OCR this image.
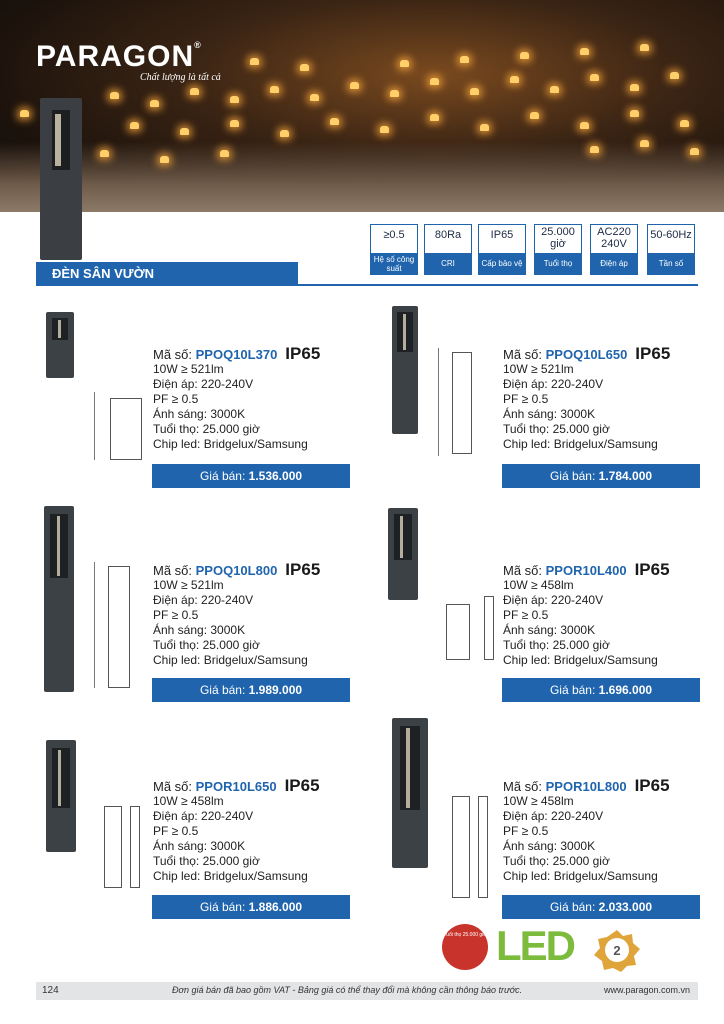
PARAGON®
Chất lượng là tất cả
≥0.5
Hệ số công suất
80Ra
CRI
IP65
Cấp bảo vệ
25.000 giờ
Tuổi thọ
AC220 240V
Điện áp
50-60Hz
Tần số
ĐÈN SÂN VƯỜN
Mã số: PPOQ10L370 IP65
10W ≥ 521lm
Điện áp: 220-240V
PF ≥ 0.5
Ánh sáng: 3000K
Tuổi thọ: 25.000 giờ
Chip led: Bridgelux/Samsung
Giá bán: 1.536.000
Mã số: PPOQ10L650 IP65
10W ≥ 521lm
Điện áp: 220-240V
PF ≥ 0.5
Ánh sáng: 3000K
Tuổi thọ: 25.000 giờ
Chip led: Bridgelux/Samsung
Giá bán: 1.784.000
Mã số: PPOQ10L800 IP65
10W ≥ 521lm
Điện áp: 220-240V
PF ≥ 0.5
Ánh sáng: 3000K
Tuổi thọ: 25.000 giờ
Chip led: Bridgelux/Samsung
Giá bán: 1.989.000
Mã số: PPOR10L400 IP65
10W ≥ 458lm
Điện áp: 220-240V
PF ≥ 0.5
Ánh sáng: 3000K
Tuổi thọ: 25.000 giờ
Chip led: Bridgelux/Samsung
Giá bán: 1.696.000
Mã số: PPOR10L650 IP65
10W ≥ 458lm
Điện áp: 220-240V
PF ≥ 0.5
Ánh sáng: 3000K
Tuổi thọ: 25.000 giờ
Chip led: Bridgelux/Samsung
Giá bán: 1.886.000
Mã số: PPOR10L800 IP65
10W ≥ 458lm
Điện áp: 220-240V
PF ≥ 0.5
Ánh sáng: 3000K
Tuổi thọ: 25.000 giờ
Chip led: Bridgelux/Samsung
Giá bán: 2.033.000
Tuổi thọ 25.000 giờ LED	2
124	Đơn giá bán đã bao gồm VAT - Bảng giá có thể thay đổi mà không cần thông báo trước.	www.paragon.com.vn
